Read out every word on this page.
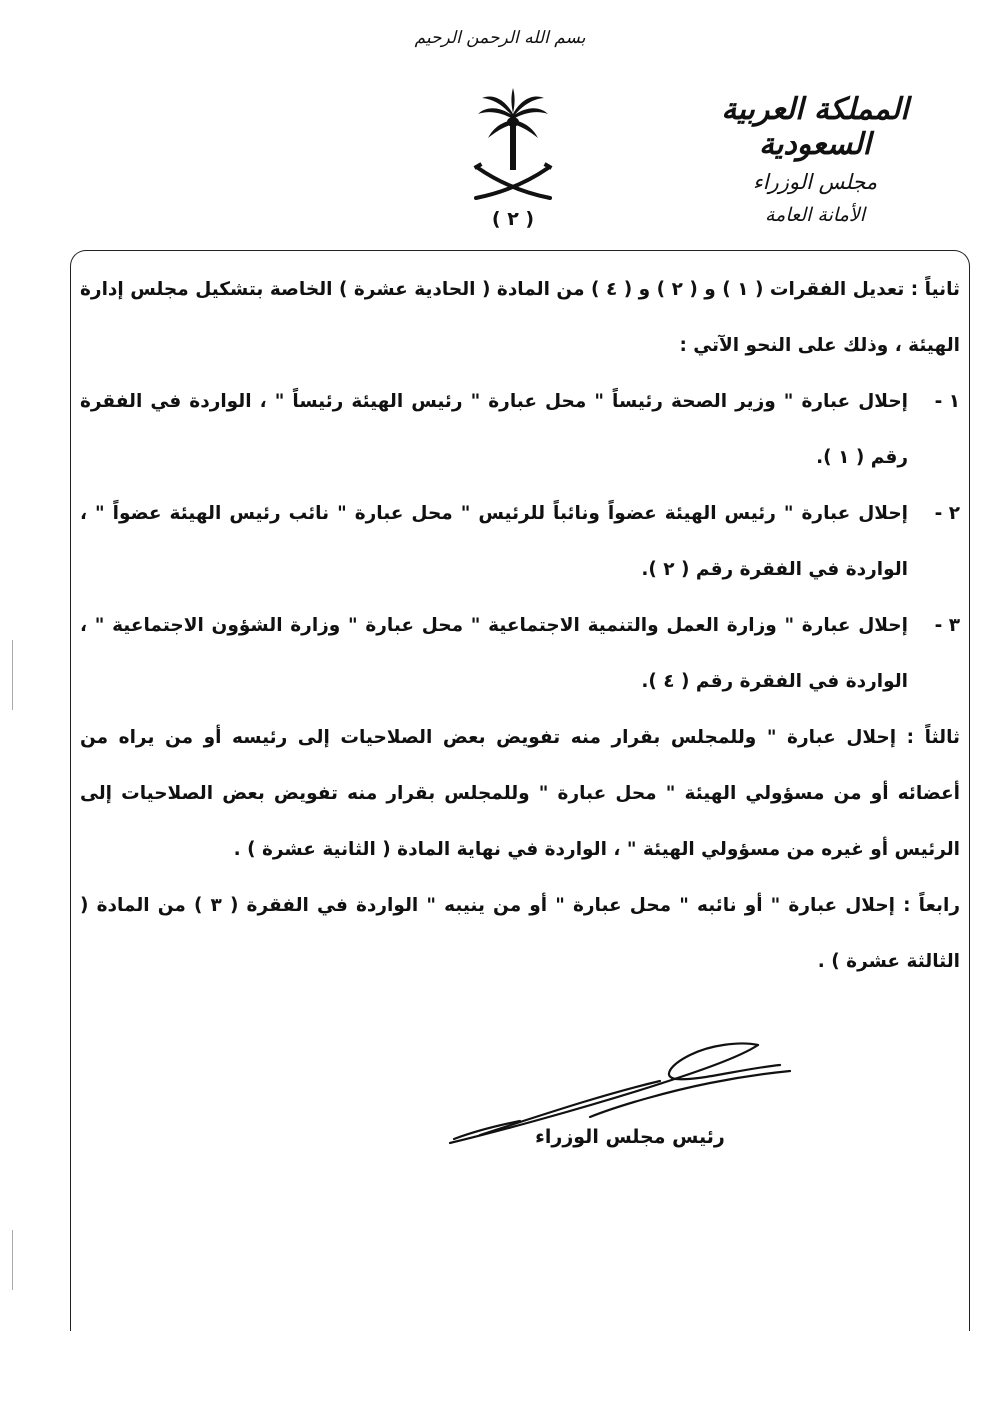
بسم الله الرحمن الرحيم
( ٢ )
المملكة العربية السعودية
مجلس الوزراء
الأمانة العامة

ثانياً : تعديل الفقرات ( ١ ) و ( ٢ ) و ( ٤ ) من المادة ( الحادية عشرة ) الخاصة بتشكيل مجلس إدارة الهيئة ، وذلك على النحو الآتي :

١ -

إحلال عبارة " وزير الصحة رئيساً " محل عبارة " رئيس الهيئة رئيساً " ، الواردة في الفقرة رقم ( ١ ).

٢ -

إحلال عبارة " رئيس الهيئة عضواً ونائباً للرئيس " محل عبارة " نائب رئيس الهيئة عضواً " ، الواردة في الفقرة رقم ( ٢ ).

٣ -

إحلال عبارة " وزارة العمل والتنمية الاجتماعية " محل عبارة " وزارة الشؤون الاجتماعية " ، الواردة في الفقرة رقم ( ٤ ).

ثالثاً : إحلال عبارة " وللمجلس بقرار منه تفويض بعض الصلاحيات إلى رئيسه أو من يراه من أعضائه أو من مسؤولي الهيئة " محل عبارة " وللمجلس بقرار منه تفويض بعض الصلاحيات إلى الرئيس أو غيره من مسؤولي الهيئة " ، الواردة في نهاية المادة ( الثانية عشرة ) .

رابعاً : إحلال عبارة " أو نائبه " محل عبارة " أو من ينيبه " الواردة في الفقرة ( ٣ ) من المادة ( الثالثة عشرة ) .

رئيس مجلس الوزراء
